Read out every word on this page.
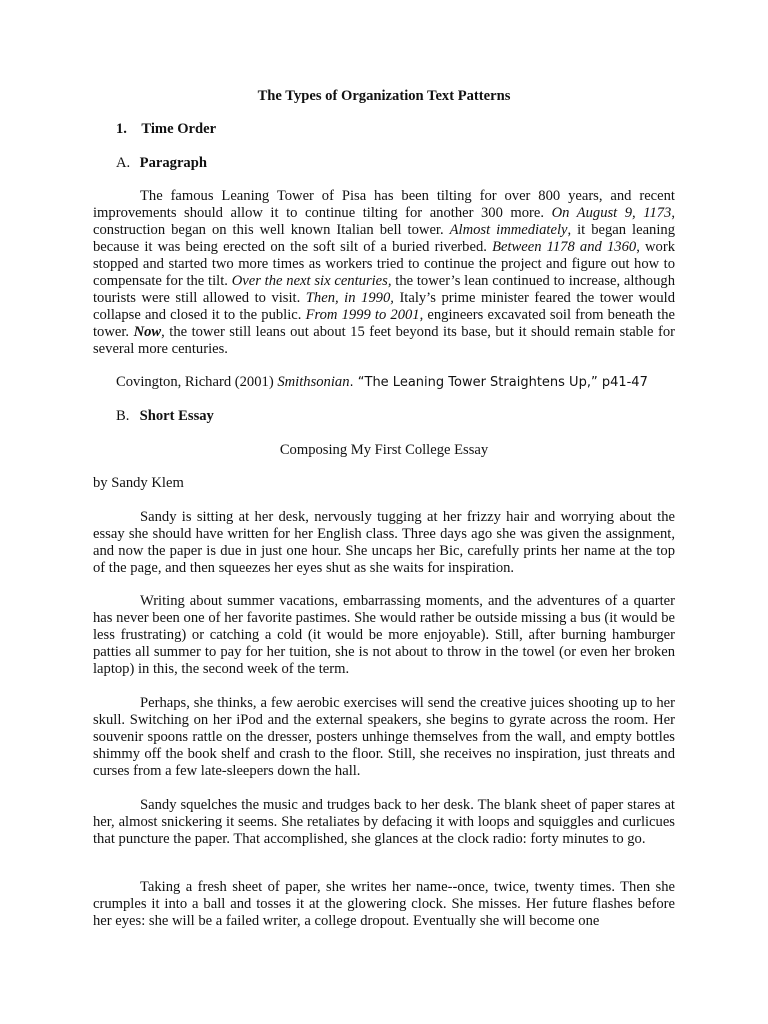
The Types of Organization Text Patterns
1. Time Order
A. Paragraph

The famous Leaning Tower of Pisa has been tilting for over 800 years, and recent improvements should allow it to continue tilting for another 300 more. On August 9, 1173, construction began on this well known Italian bell tower. Almost immediately, it began leaning because it was being erected on the soft silt of a buried riverbed. Between 1178 and 1360, work stopped and started two more times as workers tried to continue the project and figure out how to compensate for the tilt. Over the next six centuries, the tower’s lean continued to increase, although tourists were still allowed to visit. Then, in 1990, Italy’s prime minister feared the tower would collapse and closed it to the public. From 1999 to 2001, engineers excavated soil from beneath the tower. Now, the tower still leans out about 15 feet beyond its base, but it should remain stable for several more centuries.

Covington, Richard (2001) Smithsonian. “The Leaning Tower Straightens Up,” p41-47
B. Short Essay
Composing My First College Essay
by Sandy Klem

Sandy is sitting at her desk, nervously tugging at her frizzy hair and worrying about the essay she should have written for her English class. Three days ago she was given the assignment, and now the paper is due in just one hour. She uncaps her Bic, carefully prints her name at the top of the page, and then squeezes her eyes shut as she waits for inspiration.

Writing about summer vacations, embarrassing moments, and the adventures of a quarter has never been one of her favorite pastimes. She would rather be outside missing a bus (it would be less frustrating) or catching a cold (it would be more enjoyable). Still, after burning hamburger patties all summer to pay for her tuition, she is not about to throw in the towel (or even her broken laptop) in this, the second week of the term.

Perhaps, she thinks, a few aerobic exercises will send the creative juices shooting up to her skull. Switching on her iPod and the external speakers, she begins to gyrate across the room. Her souvenir spoons rattle on the dresser, posters unhinge themselves from the wall, and empty bottles shimmy off the book shelf and crash to the floor. Still, she receives no inspiration, just threats and curses from a few late-sleepers down the hall.

Sandy squelches the music and trudges back to her desk. The blank sheet of paper stares at her, almost snickering it seems. She retaliates by defacing it with loops and squiggles and curlicues that puncture the paper. That accomplished, she glances at the clock radio: forty minutes to go.

Taking a fresh sheet of paper, she writes her name--once, twice, twenty times. Then she crumples it into a ball and tosses it at the glowering clock. She misses. Her future flashes before her eyes: she will be a failed writer, a college dropout. Eventually she will become one
